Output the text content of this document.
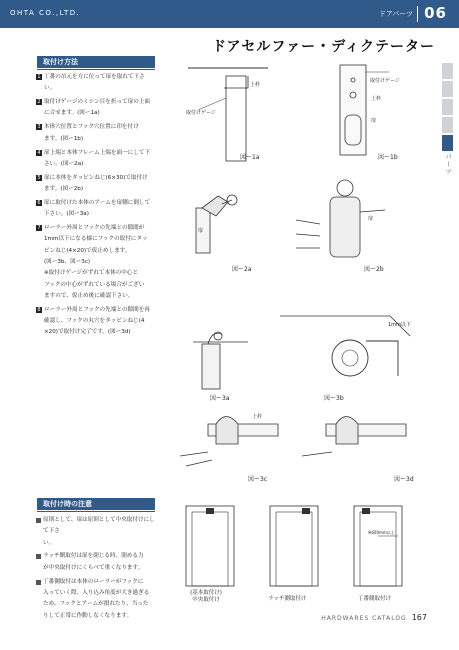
OHTA CO.,LTD.	ドアパーツ 06
ドアセルファー・ディクテーター
ドアパーツ
取付け方法
1 丁番の吊元を方に位って扉を取れて下さ
い。
2 取付けゲージのミシン目を折って扉の上面
に合せます。(図ー1a)
3 本体穴位置とフック穴位置に印を付け
ます。(図ー1b)
4 扉上端と本体フレーム上端を面一にして下
さい。(図ー2a)
5 扉に本体をタッピンねじ(6×30)で取付け
ます。(図ー2b)
6 扉に取付けた本体のアームを扉側に倒して
下さい。(図ー3a)
7 ローラー外周とフックの先端との隙間が
1mm以下になる様にフックの取付にタッ
ピンねじ(4×20)で仮止めします。
(図ー3b、図ー3c)
※取付けゲージがずれて本体の中心と
フックの中心がずれている場合がござい
ますので、仮止め後に確認下さい。
8 ローラー外周とフックの先端との隙間を再
確認し、フックの丸穴をタッピンねじ(4
×20)で取付け完了です。(図ー3d)
取付け時の注意
原則として、扉は原則として中央取付けにして下さ
い。
ラッチ側取付は扉を閉じる時、閉める力
が中央取付けにくらべて重くなります。
丁番側取付は本体のローラーがフックに
入っていく際、入り込み角度が大き過ぎる
ため、フックとアームが損れたり、当った
りして正常に作動しなくなります。
取付けゲージ
上枠
図ー1a
取付けゲージ
上枠
扉
図ー1b
扉
図ー2a
扉
図ー2b
図ー3a
1mm以下
図ー3b
上枠
図ー3c	図ー3d
※600mm以上
(基本取付け)
中央取付け	ラッチ側取付け	丁番側取付け
HARDWARES CATALOG 167
